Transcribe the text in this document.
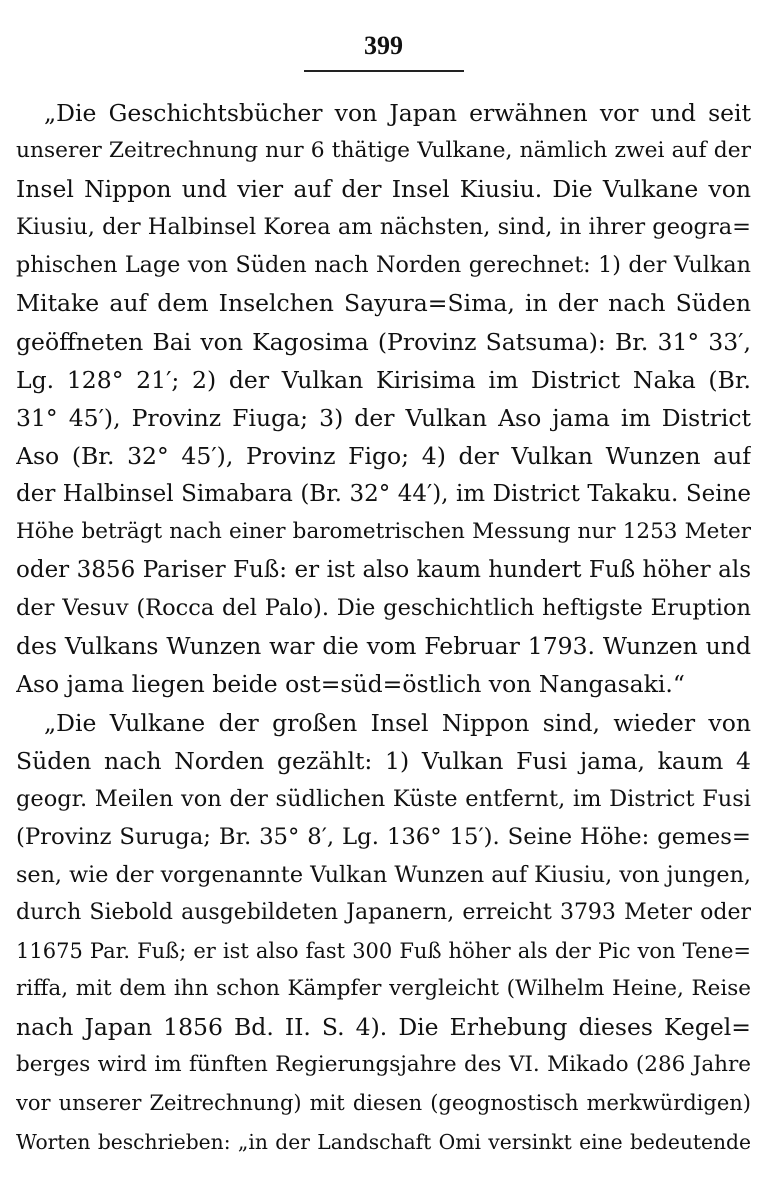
399
„Die Geschichtsbücher von Japan erwähnen vor und seit
unserer Zeitrechnung nur 6 thätige Vulkane, nämlich zwei auf der
Insel Nippon und vier auf der Insel Kiusiu. Die Vulkane von
Kiusiu, der Halbinsel Korea am nächsten, sind, in ihrer geogra=
phischen Lage von Süden nach Norden gerechnet: 1) der Vulkan
Mitake auf dem Inselchen Sayura=Sima, in der nach Süden
geöffneten Bai von Kagosima (Provinz Satsuma): Br. 31° 33′,
Lg. 128° 21′; 2) der Vulkan Kirisima im District Naka (Br.
31° 45′), Provinz Fiuga; 3) der Vulkan Aso jama im District
Aso (Br. 32° 45′), Provinz Figo; 4) der Vulkan Wunzen auf
der Halbinsel Simabara (Br. 32° 44′), im District Takaku. Seine
Höhe beträgt nach einer barometrischen Messung nur 1253 Meter
oder 3856 Pariser Fuß: er ist also kaum hundert Fuß höher als
der Vesuv (Rocca del Palo). Die geschichtlich heftigste Eruption
des Vulkans Wunzen war die vom Februar 1793. Wunzen und
Aso jama liegen beide ost=süd=östlich von Nangasaki.“
„Die Vulkane der großen Insel Nippon sind, wieder von
Süden nach Norden gezählt: 1) Vulkan Fusi jama, kaum 4
geogr. Meilen von der südlichen Küste entfernt, im District Fusi
(Provinz Suruga; Br. 35° 8′, Lg. 136° 15′). Seine Höhe: gemes=
sen, wie der vorgenannte Vulkan Wunzen auf Kiusiu, von jungen,
durch Siebold ausgebildeten Japanern, erreicht 3793 Meter oder
11675 Par. Fuß; er ist also fast 300 Fuß höher als der Pic von Tene=
riffa, mit dem ihn schon Kämpfer vergleicht (Wilhelm Heine, Reise
nach Japan 1856 Bd. II. S. 4). Die Erhebung dieses Kegel=
berges wird im fünften Regierungsjahre des VI. Mikado (286 Jahre
vor unserer Zeitrechnung) mit diesen (geognostisch merkwürdigen)
Worten beschrieben: „in der Landschaft Omi versinkt eine bedeutende
